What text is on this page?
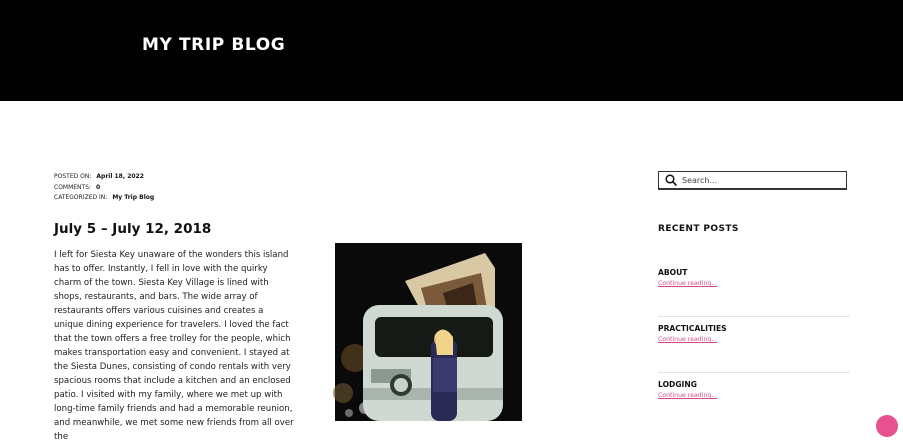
MY TRIP BLOG
POSTED ON: April 18, 2022
COMMENTS: 0
CATEGORIZED IN: My Trip Blog
July 5 – July 12, 2018

I left for Siesta Key unaware of the wonders this island has to offer. Instantly, I fell in love with the quirky charm of the town. Siesta Key Village is lined with shops, restaurants, and bars. The wide array of restaurants offers various cuisines and creates a unique dining experience for travelers. I loved the fact that the town offers a free trolley for the people, which makes transportation easy and convenient. I stayed at the Siesta Dunes, consisting of condo rentals with very spacious rooms that include a kitchen and an enclosed patio. I visited with my family, where we met up with long-time family friends and had a memorable reunion, and meanwhile, we met some new friends from all over the

Search...
RECENT POSTS
ABOUT
Continue reading...
PRACTICALITIES
Continue reading...
LODGING
Continue reading...
